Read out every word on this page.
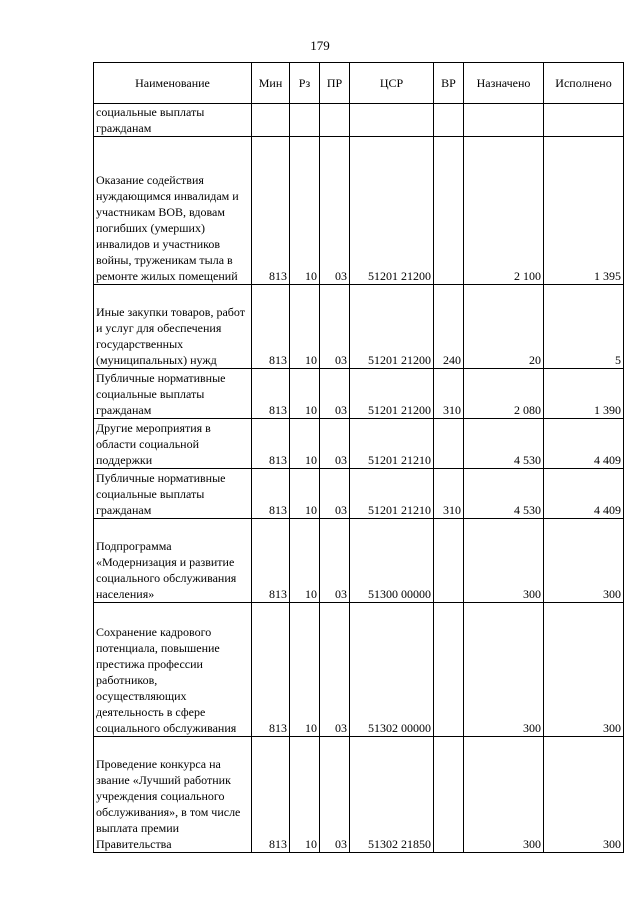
179
Наименование	Мин	Рз	ПР	ЦСР	ВР	Назначено	Исполнено
социальные выплаты гражданам							
Оказание содействия нуждающимся инвалидам и участникам ВОВ, вдовам погибших (умерших) инвалидов и участников войны, труженикам тыла в ремонте жилых помещений	813	10	03	51201 21200		2 100	1 395
Иные закупки товаров, работ и услуг для обеспечения государственных (муниципальных) нужд	813	10	03	51201 21200	240	20	5
Публичные нормативные социальные выплаты гражданам	813	10	03	51201 21200	310	2 080	1 390
Другие мероприятия в области социальной поддержки	813	10	03	51201 21210		4 530	4 409
Публичные нормативные социальные выплаты гражданам	813	10	03	51201 21210	310	4 530	4 409
Подпрограмма «Модернизация и развитие социального обслуживания населения»	813	10	03	51300 00000		300	300
Сохранение кадрового потенциала, повышение престижа профессии работников, осуществляющих деятельность в сфере социального обслуживания	813	10	03	51302 00000		300	300
Проведение конкурса на звание «Лучший работник учреждения социального обслуживания», в том числе выплата премии Правительства	813	10	03	51302 21850		300	300
